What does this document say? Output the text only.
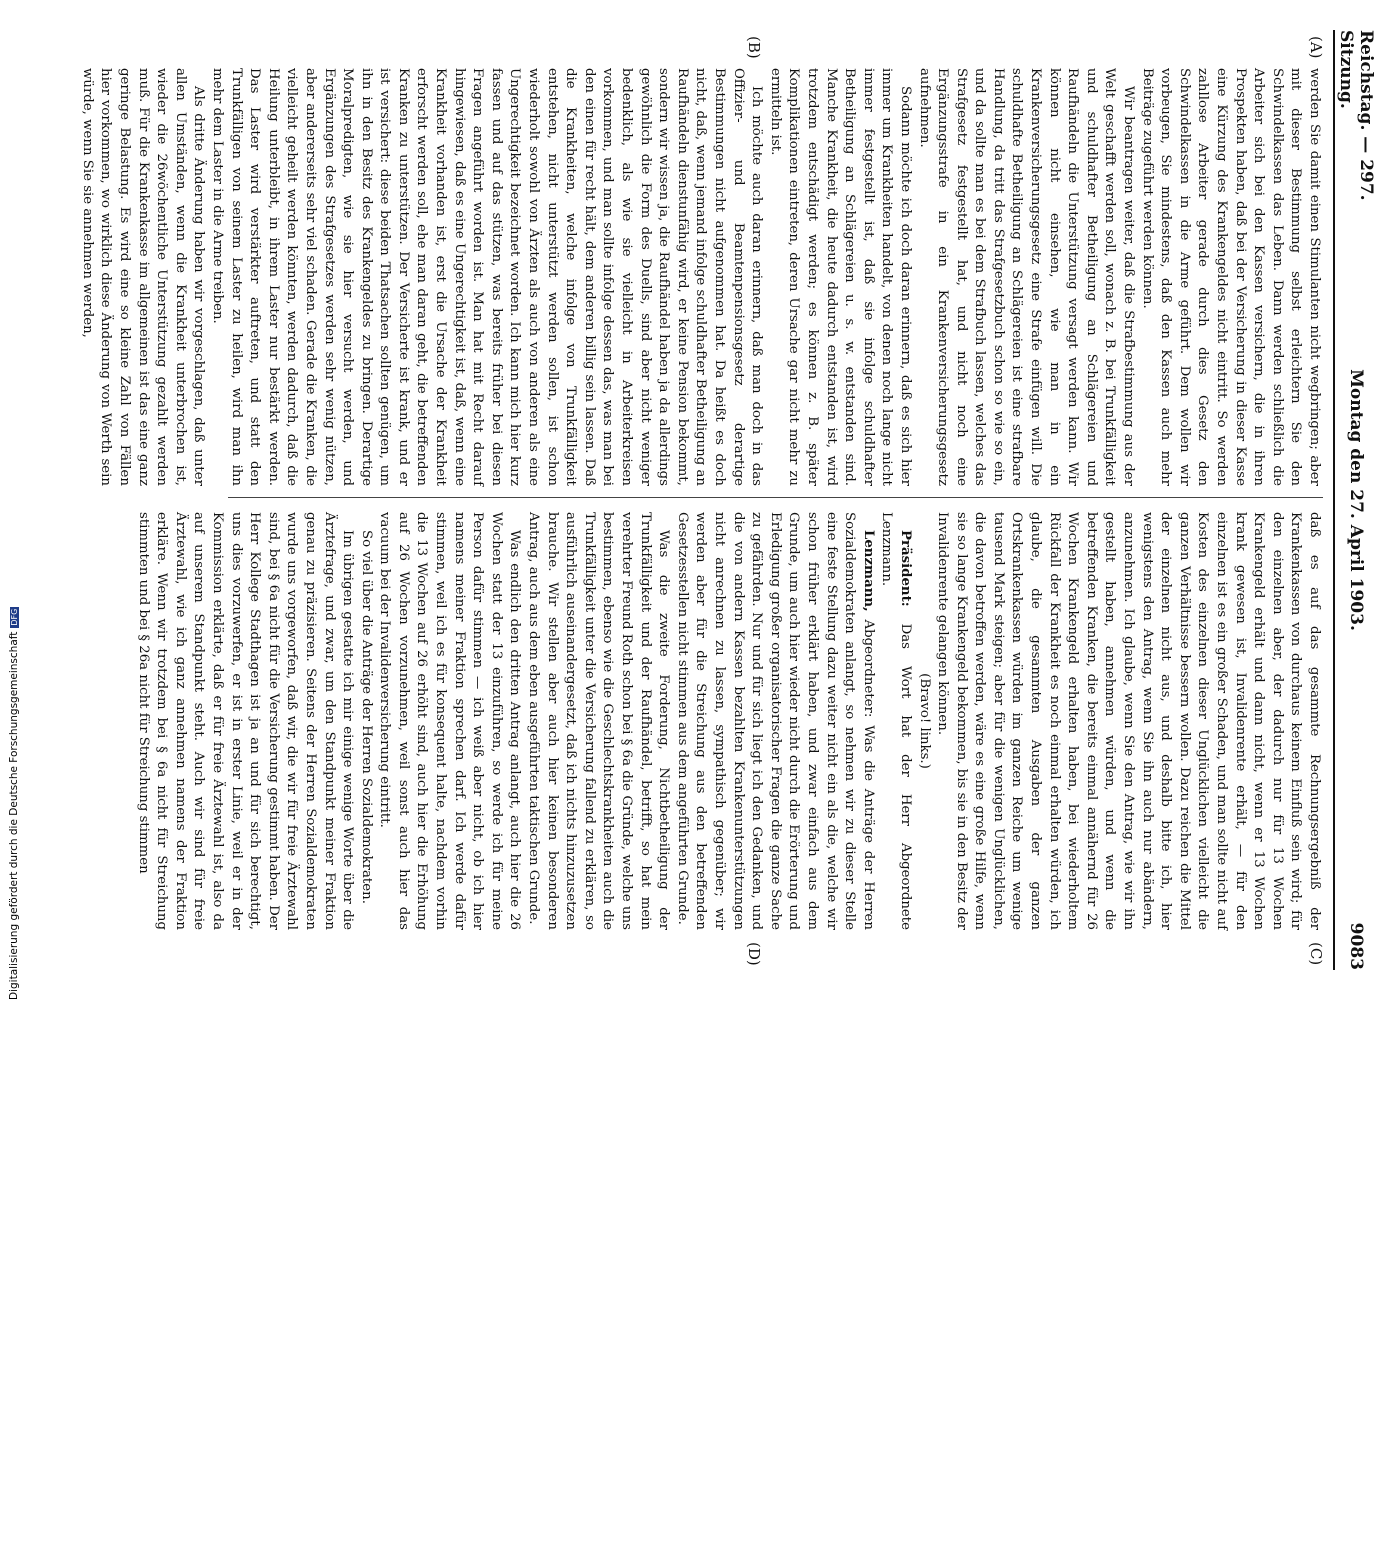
Reichstag. — 297. Sitzung.
Montag den 27. April 1903.
9083
(A)
(B)
(C)
(D)

werden Sie damit einen Stimulanten nicht wegbringen; aber mit dieser Bestimmung selbst erleichtern Sie den Schwindelkassen das Leben. Dann werden schließlich die Arbeiter sich bei den Kassen versichern, die in ihren Prospekten haben, daß bei der Versicherung in dieser Kasse eine Kürzung des Krankengeldes nicht eintritt. So werden zahllose Arbeiter gerade durch dies Gesetz den Schwindelkassen in die Arme geführt. Dem wollen wir vorbeugen, Sie mindestens, daß den Kassen auch mehr Beiträge zugeführt werden können.

Wir beantragen weiter, daß die Strafbestimmung aus der Welt geschafft werden soll, wonach z. B. bei Trunkfälligkeit und schuldhafter Betheiligung an Schlägereien und Raufhändeln die Unterstützung versagt werden kann. Wir können nicht einsehen, wie man in ein Krankenversicherungsgesetz eine Strafe einfügen will. Die schuldhafte Betheiligung an Schlägereien ist eine strafbare Handlung, da tritt das Strafgesetzbuch schon so wie so ein, und da sollte man es bei dem Strafbuch lassen, welches das Strafgesetz festgestellt hat, und nicht noch eine Ergänzungsstrafe in ein Krankenversicherungsgesetz aufnehmen.

Sodann möchte ich doch daran erinnern, daß es sich hier immer um Krankheiten handelt, von denen noch lange nicht immer festgestellt ist, daß sie infolge schuldhafter Betheiligung an Schlägereien u. s. w. entstanden sind. Manche Krankheit, die heute dadurch entstanden ist, wird trotzdem entschädigt werden; es können z. B. später Komplikationen eintreten, deren Ursache gar nicht mehr zu ermitteln ist.

Ich möchte auch daran erinnern, daß man doch in das Offizier- und Beamtenpensionsgesetz derartige Bestimmungen nicht aufgenommen hat. Da heißt es doch nicht, daß, wenn jemand infolge schuldhafter Betheiligung an Raufhändeln dienstunfähig wird, er keine Pension bekommt, sondern wir wissen ja, die Raufhändel haben ja da allerdings gewöhnlich die Form des Duells, sind aber nicht weniger bedenklich, als wie sie vielleicht in Arbeiterkreisen vorkommen, und man sollte infolge dessen das, was man bei den einen für recht hält, dem anderen billig sein lassen. Daß die Krankheiten, welche infolge von Trunkfälligkeit entstehen, nicht unterstützt werden sollen, ist schon wiederholt sowohl von Ärzten als auch von anderen als eine Ungerechtigkeit bezeichnet worden. Ich kann mich hier kurz fassen und auf das stützen, was bereits früher bei diesen Fragen angeführt worden ist. Man hat mit Recht darauf hingewiesen, daß es eine Ungerechtigkeit ist, daß, wenn eine Krankheit vorhanden ist, erst die Ursache der Krankheit erforscht werden soll, ehe man daran geht, die betreffenden Kranken zu unterstützen. Der Versicherte ist krank, und er ist versichert: diese beiden Thatsachen sollten genügen, um ihn in den Besitz des Krankengeldes zu bringen. Derartige Moralpredigten, wie sie hier versucht werden, und Ergänzungen des Strafgesetzes werden sehr wenig nützen, aber andererseits sehr viel schaden. Gerade die Kranken, die vielleicht geheilt werden könnten, werden dadurch, daß die Heilung unterbleibt, in ihrem Laster nur bestärkt werden. Das Laster wird verstärkter auftreten, und statt den Trunkfälligen von seinem Laster zu heilen, wird man ihn mehr dem Laster in die Arme treiben.

Als dritte Änderung haben wir vorgeschlagen, daß unter allen Umständen, wenn die Krankheit unterbrochen ist, wieder die 26wöchentliche Unterstützung gezahlt werden muß. Für die Krankenkasse im allgemeinen ist das eine ganz geringe Belastung. Es wird eine so kleine Zahl von Fällen hier vorkommen, wo wirklich diese Änderung von Werth sein würde, wenn Sie sie annehmen werden,

daß es auf das gesammte Rechnungsergebniß der Krankenkassen von durchaus keinem Einfluß sein wird; für den einzelnen aber, der dadurch nur für 13 Wochen Krankengeld erhält und dann nicht, wenn er 13 Wochen krank gewesen ist, Invalidenrente erhält, — für den einzelnen ist es ein großer Schaden, und man sollte nicht auf Kosten des einzelnen dieser Unglücklichen vielleicht die ganzen Verhältnisse bessern wollen. Dazu reichen die Mittel der einzelnen nicht aus, und deshalb bitte ich, hier wenigstens den Antrag, wenn Sie ihn auch nur abändern, anzunehmen. Ich glaube, wenn Sie den Antrag, wie wir ihn gestellt haben, annehmen würden, und wenn die betreffenden Kranken, die bereits einmal annähernd für 26 Wochen Krankengeld erhalten haben, bei wiederholtem Rückfall der Krankheit es noch einmal erhalten würden, ich glaube, die gesammten Ausgaben der ganzen Ortskrankenkassen würden im ganzen Reiche um wenige tausend Mark steigen; aber für die wenigen Unglücklichen, die davon betroffen werden, wäre es eine große Hilfe, wenn sie so lange Krankengeld bekommen, bis sie in den Besitz der Invalidenrente gelangen können.

(Bravo! links.)

Präsident: Das Wort hat der Herr Abgeordnete Lenzmann.

Lenzmann, Abgeordneter: Was die Anträge der Herren Sozialdemokraten anlangt, so nehmen wir zu dieser Stelle eine feste Stellung dazu weiter nicht ein als die, welche wir schon früher erklärt haben, und zwar einfach aus dem Grunde, um auch hier wieder nicht durch die Erörterung und Erledigung großer organisatorischer Fragen die ganze Sache zu gefährden. Nur und für sich liegt ich den Gedanken, und die von andern Kassen bezahlten Krankenunterstützungen nicht anrechnen zu lassen, sympathisch gegenüber; wir werden aber für die Streichung aus den betreffenden Gesetzesstellen nicht stimmen aus dem angeführten Grunde.

Was die zweite Forderung, Nichtbetheiligung der Trunkfälligkeit und der Raufhändel, betrifft, so hat mein verehrter Freund Roth schon bei § 6a die Gründe, welche uns bestimmen, ebenso wie die Geschlechtskrankheiten auch die Trunkfälligkeit unter die Versicherung fallend zu erklären, so ausführlich auseinandergesetzt, daß ich nichts hinzuzusetzen brauche. Wir stellen aber auch hier keinen besonderen Antrag, auch aus dem eben ausgeführten taktischen Grunde.

Was endlich den dritten Antrag anlangt, auch hier die 26 Wochen statt der 13 einzuführen, so werde ich für meine Person dafür stimmen — ich weiß aber nicht, ob ich hier namens meiner Fraktion sprechen darf. Ich werde dafür stimmen, weil ich es für konsequent halte, nachdem vorhin die 13 Wochen auf 26 erhöht sind, auch hier die Erhöhung auf 26 Wochen vorzunehmen, weil sonst auch hier das vacuum bei der Invalidenversicherung eintritt.

So viel über die Anträge der Herren Sozialdemokraten.

Im übrigen gestatte ich mir einige wenige Worte über die Ärztefrage, und zwar, um den Standpunkt meiner Fraktion genau zu präzisieren. Seitens der Herren Sozialdemokraten wurde uns vorgeworfen, daß wir, die wir für freie Ärztewahl sind, bei § 6a nicht für die Versicherung gestimmt haben. Der Herr Kollege Stadthagen ist ja an und für sich berechtigt, uns dies vorzuwerfen, er ist in erster Linie, weil er in der Kommission erklärte, daß er für freie Ärztewahl ist, also da auf unserem Standpunkt steht. Auch wir sind für freie Ärztewahl, wie ich ganz annehmen namens der Fraktion erkläre. Wenn wir trotzdem bei § 6a nicht für Streichung stimmten und bei § 26a nicht für Streichung stimmen

Digitalisierung gefördert durch die Deutsche ForschungsgemeinschaftDFG
